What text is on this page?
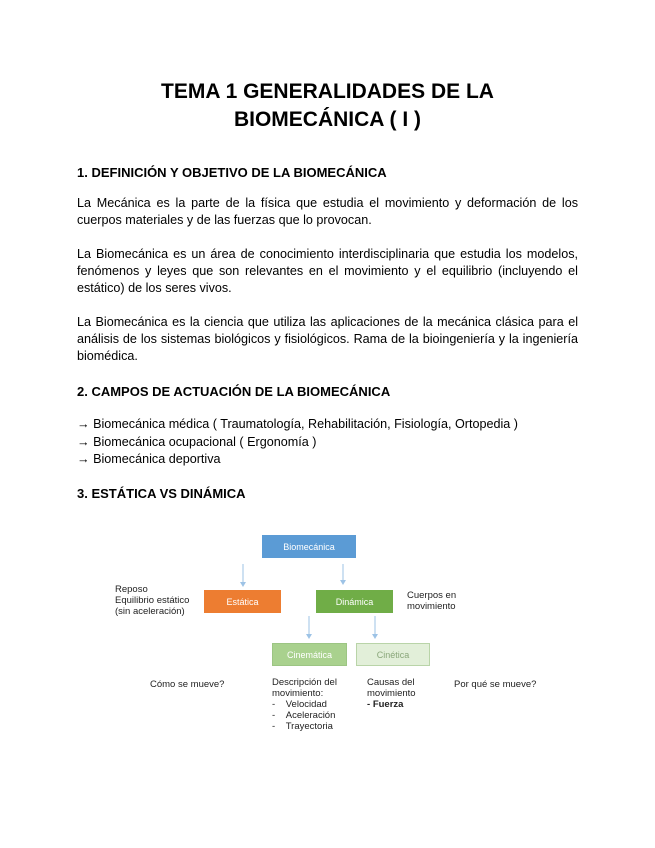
TEMA 1 GENERALIDADES DE LA
BIOMECÁNICA ( I )
1. DEFINICIÓN Y OBJETIVO DE LA BIOMECÁNICA
La Mecánica es la parte de la física que estudia el movimiento y deformación de los cuerpos materiales y de las fuerzas que lo provocan.
La Biomecánica es un área de conocimiento interdisciplinaria que estudia los modelos, fenómenos y leyes que son relevantes en el movimiento y el equilibrio (incluyendo el estático) de los seres vivos.
La Biomecánica es la ciencia que utiliza las aplicaciones de la mecánica clásica para el análisis de los sistemas biológicos y fisiológicos. Rama de la bioingeniería y la ingeniería biomédica.
2. CAMPOS DE ACTUACIÓN DE LA BIOMECÁNICA
→ Biomecánica médica ( Traumatología, Rehabilitación, Fisiología, Ortopedia )
→ Biomecánica ocupacional ( Ergonomía )
→ Biomecánica deportiva
3. ESTÁTICA VS DINÁMICA
Biomecánica
Estática	Dinámica
Cinemática	Cinética
Reposo
Equilibrio estático
(sin aceleración)
Cuerpos en
movimiento
Cómo se mueve?	Por qué se mueve?
Descripción del
movimiento:
-    Velocidad
-    Aceleración
-    Trayectoria
Causas del
movimiento
- Fuerza
